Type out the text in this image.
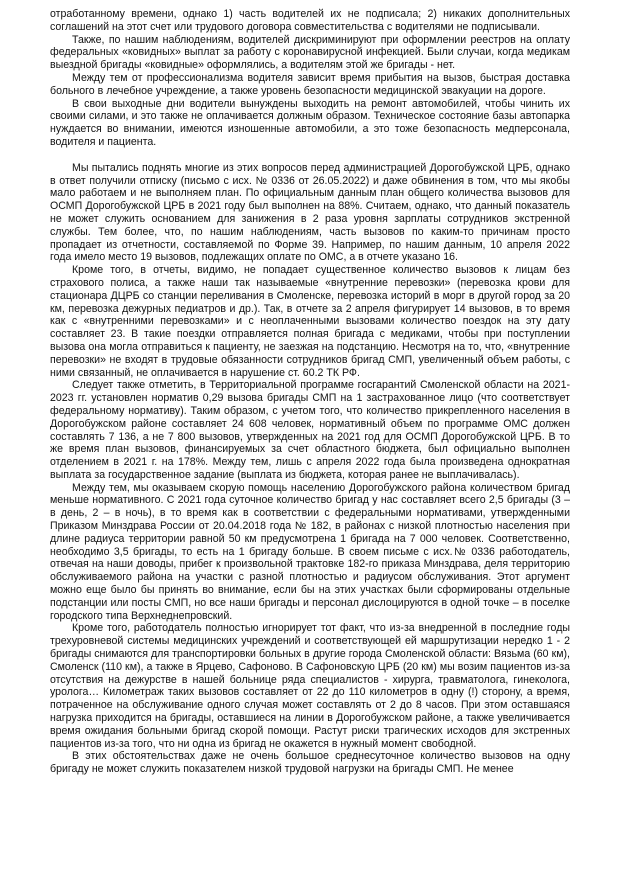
отработанному времени, однако 1) часть водителей их не подписала; 2) никаких дополнительных соглашений на этот счет или трудового договора совместительства с водителями не подписывали.

Также, по нашим наблюдениям, водителей дискриминируют при оформлении реестров на оплату федеральных «ковидных» выплат за работу с коронавирусной инфекцией. Были случаи, когда медикам выездной бригады «ковидные» оформлялись, а водителям этой же бригады - нет.

Между тем от профессионализма водителя зависит время прибытия на вызов, быстрая доставка больного в лечебное учреждение, а также уровень безопасности медицинской эвакуации на дороге.

В свои выходные дни водители вынуждены выходить на ремонт автомобилей, чтобы чинить их своими силами, и это также не оплачивается должным образом. Техническое состояние базы автопарка нуждается во внимании, имеются изношенные автомобили, а это тоже безопасность медперсонала, водителя и пациента.

Мы пытались поднять многие из этих вопросов перед администрацией Дорогобужской ЦРБ, однако в ответ получили отписку (письмо с исх. № 0336 от 26.05.2022) и даже обвинения в том, что мы якобы мало работаем и не выполняем план. По официальным данным план общего количества вызовов для ОСМП Дорогобужской ЦРБ в 2021 году был выполнен на 88%. Считаем, однако, что данный показатель не может служить основанием для занижения в 2 раза уровня зарплаты сотрудников экстренной службы. Тем более, что, по нашим наблюдениям, часть вызовов по каким-то причинам просто пропадает из отчетности, составляемой по Форме 39. Например, по нашим данным, 10 апреля 2022 года имело место 19 вызовов, подлежащих оплате по ОМС, а в отчете указано 16.

Кроме того, в отчеты, видимо, не попадает существенное количество вызовов к лицам без страхового полиса, а также наши так называемые «внутренние перевозки» (перевозка крови для стационара ДЦРБ со станции переливания в Смоленске, перевозка историй в морг в другой город за 20 км, перевозка дежурных педиатров и др.). Так, в отчете за 2 апреля фигурирует 14 вызовов, в то время как с «внутренними перевозками» и с неоплаченными вызовами количество поездок на эту дату составляет 23. В такие поездки отправляется полная бригада с медиками, чтобы при поступлении вызова она могла отправиться к пациенту, не заезжая на подстанцию. Несмотря на то, что, «внутренние перевозки» не входят в трудовые обязанности сотрудников бригад СМП, увеличенный объем работы, с ними связанный, не оплачивается в нарушение ст. 60.2 ТК РФ.

Следует также отметить, в Территориальной программе госгарантий Смоленской области на 2021-2023 гг. установлен норматив 0,29 вызова бригады СМП на 1 застрахованное лицо (что соответствует федеральному нормативу). Таким образом, с учетом того, что количество прикрепленного населения в Дорогобужском районе составляет 24 608 человек, нормативный объем по программе ОМС должен составлять 7 136, а не 7 800 вызовов, утвержденных на 2021 год для ОСМП Дорогобужской ЦРБ. В то же время план вызовов, финансируемых за счет областного бюджета, был официально выполнен отделением в 2021 г. на 178%. Между тем, лишь с апреля 2022 года была произведена однократная выплата за государственное задание (выплата из бюджета, которая ранее не выплачивалась).

Между тем, мы оказываем скорую помощь населению Дорогобужского района количеством бригад меньше нормативного. С 2021 года суточное количество бригад у нас составляет всего 2,5 бригады (3 – в день, 2 – в ночь), в то время как в соответствии с федеральными нормативами, утвержденными Приказом Минздрава России от 20.04.2018 года № 182, в районах с низкой плотностью населения при длине радиуса территории равной 50 км предусмотрена 1 бригада на 7 000 человек. Соответственно, необходимо 3,5 бригады, то есть на 1 бригаду больше. В своем письме с исх.№ 0336 работодатель, отвечая на наши доводы, прибег к произвольной трактовке 182-го приказа Минздрава, деля территорию обслуживаемого района на участки с разной плотностью и радиусом обслуживания. Этот аргумент можно еще было бы принять во внимание, если бы на этих участках были сформированы отдельные подстанции или посты СМП, но все наши бригады и персонал дислоцируются в одной точке – в поселке городского типа Верхнеднепровский.

Кроме того, работодатель полностью игнорирует тот факт, что из-за внедренной в последние годы трехуровневой системы медицинских учреждений и соответствующей ей маршрутизации нередко 1 - 2 бригады снимаются для транспортировки больных в другие города Смоленской области: Вязьма (60 км), Смоленск (110 км), а также в Ярцево, Сафоново. В Сафоновскую ЦРБ (20 км) мы возим пациентов из-за отсутствия на дежурстве в нашей больнице ряда специалистов - хирурга, травматолога, гинеколога, уролога… Километраж таких вызовов составляет от 22 до 110 километров в одну (!) сторону, а время, потраченное на обслуживание одного случая может составлять от 2 до 8 часов. При этом оставшаяся нагрузка приходится на бригады, оставшиеся на линии в Дорогобужском районе, а также увеличивается время ожидания больными бригад скорой помощи. Растут риски трагических исходов для экстренных пациентов из-за того, что ни одна из бригад не окажется в нужный момент свободной.

В этих обстоятельствах даже не очень большое среднесуточное количество вызовов на одну бригаду не может служить показателем низкой трудовой нагрузки на бригады СМП. Не менее
